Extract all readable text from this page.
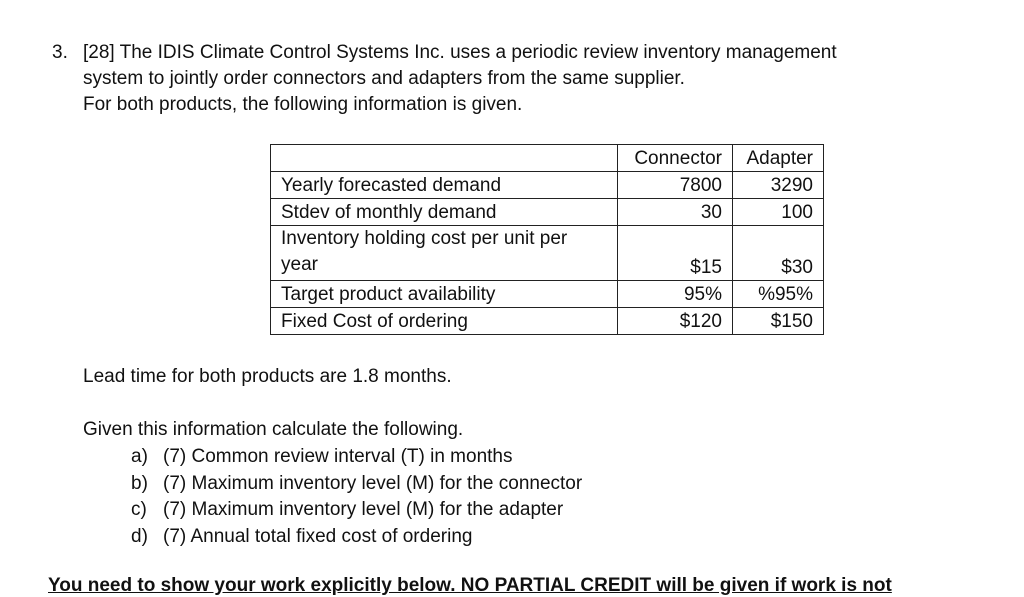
3. [28] The IDIS Climate Control Systems Inc. uses a periodic review inventory management

system to jointly order connectors and adapters from the same supplier.

For both products, the following information is given.

	Connector	Adapter
Yearly forecasted demand	7800	3290
Stdev of monthly demand	30	100
Inventory holding cost per unit per year	$15	$30
Target product availability	95%	%95%
Fixed Cost of ordering	$120	$150

Lead time for both products are 1.8 months.

Given this information calculate the following.

a) (7) Common review interval (T) in months
b) (7) Maximum inventory level (M) for the connector
c) (7) Maximum inventory level (M) for the adapter
d) (7) Annual total fixed cost of ordering

You need to show your work explicitly below. NO PARTIAL CREDIT will be given if work is not
